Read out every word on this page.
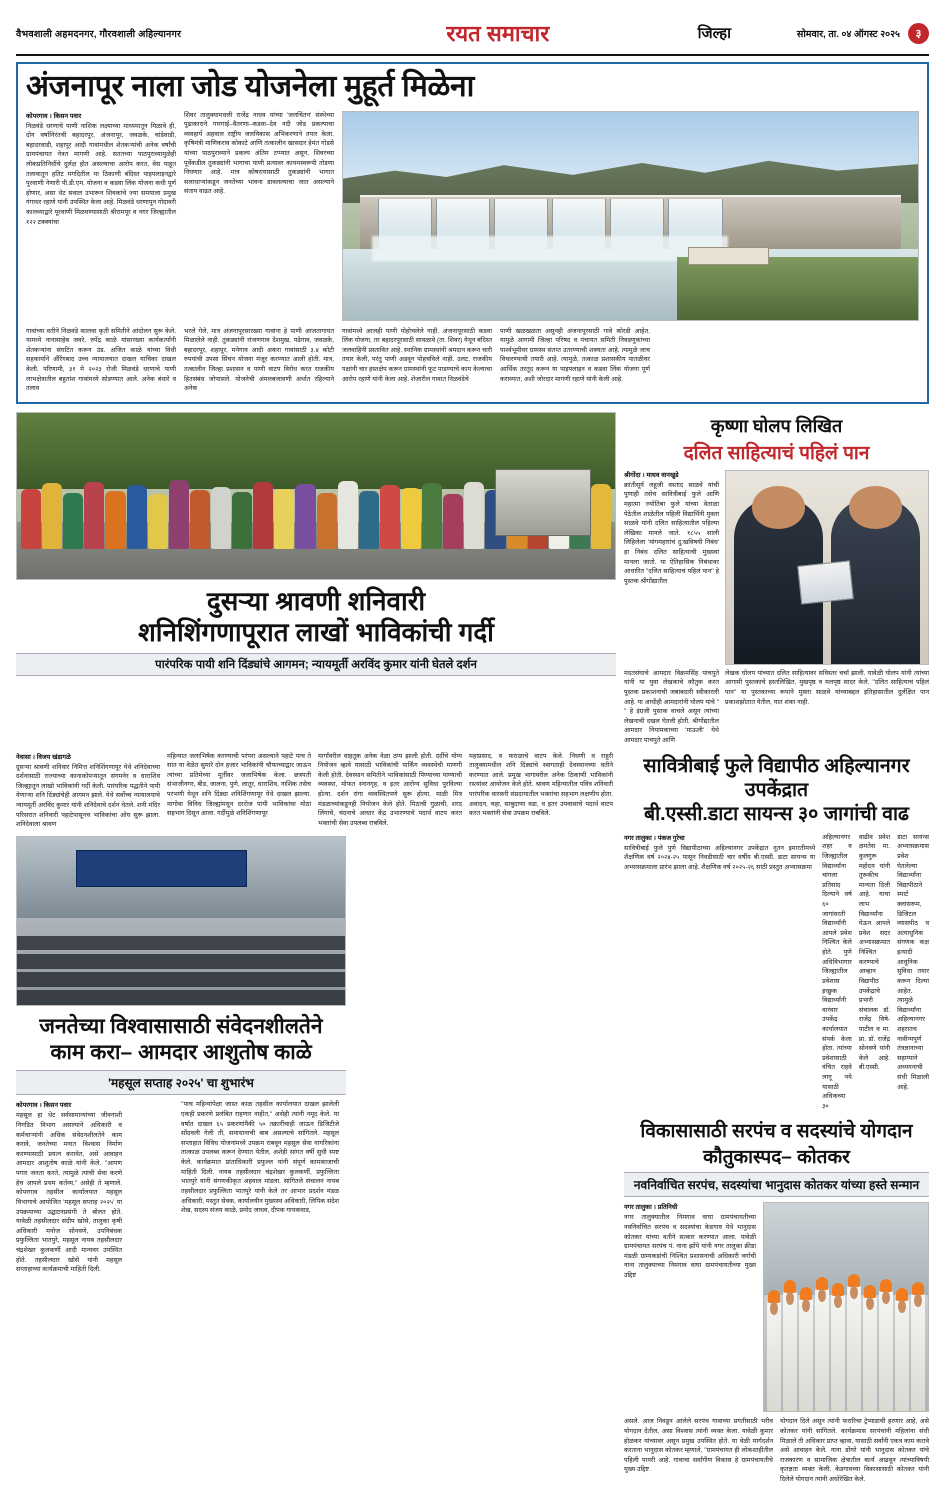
वैभवशाली अहमदनगर, गौरवशाली अहिल्यानगर	रयत समाचार	जिल्हा	सोमवार, ता. ०४ ऑगस्ट २०२५	३
अंजनापूर नाला जोड योजनेला मुहूर्त मिळेना
कोपरगाव । किसन पवार
निळवंडे धरणाचे पाणी नाशिक लक्ष्याच्या माध्यमातून मिळावे ही, दोन वर्षानिरंतची बहादरपूर, अंजनापूर, जवळके, चांडेवाडी, बहादरवाडी, शहापूर आदी गावांमधील शेतकऱ्यांची अनेक वर्षांची ग्रामपंचायत नेत्रत मागणी आहे. सततच्या पाठपुराव्यामुळेही लोकप्रतिनिधींचे दुर्लक्ष होत असल्याचा आरोप करत, वेस पाहूत तलावातून हतिट मगदितील या ठिकाणी बंदिस्त पाइपलाइनद्वारे पुरवाणी नेणारी पी.डी.एम. योजना व कडवा लिंक योजना कधी पूर्ण होणार, असा थेट सवाल उभारून शिवकांचे ज्या समयाला प्रमुख गंगाधर रहाणे यांनी उपस्थित केला आहे. मिळवंडे धरणापून गोदावरी कालव्याद्वारे पूरवाणी मिळवण्यासाठी श्रीरामपूर व नगर जिल्ह्यातील १२२ टक्क्यांचा
शिवर तालुक्यामधली राजेंद्र नाधव यांच्या 'जलचिंतन' संस्थेच्या पुढाकाराने गारगाई–वैतरणा–कडवा–देव नदी जोड प्रकल्पाचा व्यवहार्य अहवाल राष्ट्रीय जलविकास अभिकरणाने तयार केला. कृषिमंत्री माणिकराव कोकाटे आणि तत्कालीन खासदार हेमंत गोडसे यांच्या पाठपुराव्याने प्रकल्प अंतिम टप्प्यात असून, शिवरच्या पूर्वेकडील तुकड्यांनी भागाचा पाणी प्रत्यावर कायमस्वरूपी तोडणा निघणार आहे. मात्र कोषरायासाठी तुकड्यांनी भागात सलाधाऱ्यांकडून जनतेच्या भावना डावलल्याचा जात असल्याने संताप वाढत आहे.
गावांच्या वतीने निळवंडे कालवा कृती समितीने आंदोलन सुरू केले. यामध्ये नानासाहेब जवरे, रुपेंद्र काळे यांसारख्या कार्यकर्त्यांनी शेतकऱ्यांना संघटित करून उंड. अजित काळे यांच्या विधी सहकार्याने अँरिंगबाद उच्च न्यायालयात दाखल याचिका दाखल केली. परिणामी, ३१ मे २०२३ रोजी मिळवंडे धरणाचे पाणी लाभक्षेत्रातील बहुतांश गावांमध्ये सोडण्यात आले. अनेक बंधारे व तलाव
भरले गेले, मात्र अंजनापूरसारख्या गावांना हे पाणी आजतागायत मिळालेले नाही. तुकड्यांनी रांजणगाव देशमुख, पढेगाव, जवळके, बहादरपूर, शहापूर, मनेगाव आदी अकरा गावांसाठी ३.४ कोटी रुपयांची उपसा सिंचन योजना मंजूर करण्यात आली होती. मात्र, तत्कालीन जिल्हा प्रशासन व पाणी वाटप विरोध करत राजकीय हितसंबंध जोपासले. योजनेची अंमलबजावणी अर्थात रहिल्याने अनेक
गावांमध्ये आजही पाणी पोहोचलेले नाही. अंजनापूरसाठी कडवा लिंक योजना, तर बहादरपूरसाठी सावळावे (ता. शिवर) येथून बंदिस्त जलवाहिनी प्रस्तावित आहे. स्थानिक ग्रामस्थांनी श्रमदान करून चारी तयार केली, परंतु पाणी अडवून पोहचविले नाही. उलट, राजकीय पक्षांनी चार हस्तक्षेप करून ग्रामस्थांनी फूट पाडण्याचे काम केल्याचा आरोप रहाणे यांनी केला आहे. शेजारील गावात निळवंडेचे
पाणी खळखळता असूनही अंजनापूरसाठी गावे कोरडी आहेत. यामुळे आगामी जिल्हा परिषद व पंचायत समिती निवडणुकांच्या पार्श्वभूमीवर ग्रामस्थ संतप्त उतरण्याची शक्यता आहे. त्यामुळे जाच विचारण्याची तयारी आहे. त्यामुळे, तत्काळ प्रशासकीय पातळीवर आर्थिक तरतूद करून या पाइपलाइन व कडवा लिंक योजना पूर्ण कराव्यात, अशी जोरदार मागणी रहाणे यांनी केली आहे.
दुसऱ्या श्रावणी शनिवारी
शनिशिंगणापूरात लाखों भाविकांची गर्दी
पारंपरिक पायी शनि दिंड्यांचे आगमन; न्यायमूर्ती अरविंद कुमार यांनी घेतले दर्शन
कृष्णा घोलप लिखित
दलित साहित्याचं पहिलं पान
श्रीगोंदा । माधव वानखुडे
क्रांतीसूर्य लहूजी वस्ताद साळवे यांची पुणाही तसेच सावित्रीबाई फुले आणि महात्मा ज्योतिबा फुले यांच्या वेताळा पेठेतील शाळेतील पहिली विद्यार्थिनी मुक्ता साळवे यांनी दलित साहित्यातील पहिल्या लेखिका मानले जाते. १८५५ साली लिहिलेला 'मांगमहारांचं दु:खविषयी निबंध' हा निबंध दलित साहित्याची मुख्यवा मानला जातो. या ऐतिहासिक निबंधावर आधारित ''दलित साहित्याचं पहिलं पान'' हे पुस्तक श्रीगोंद्यातील
मदतसंघाचे आमदार विक्रमसिंह पाचपुते यांनी या युवा लेखकाचे कौतुक करत पुस्तक प्रकाशनाची जबाबदारी स्वीकारली आहे. या आधीही आमदारांनी घोलप यांचे '' '' हे इंग्रजी पुस्तक वाचले असून त्यांच्या लेखनाची दखल घेतली होती. श्रीगोंद्यातील आमदार नियामकाच्या 'माऊली' येथे आमदार पाचपुते आणि
लेखक घोलप यांच्यात दलित साहित्यावर सविस्तर चर्चा झाली. यावेळी घोलप यांनी त्यांच्या आगामी पुस्तकाचे हस्तलिखित, मुखपृष्ठ व मलपृष्ठ सादर केले. ''दलित साहित्याचं पहिलं पान'' या पुस्तकाच्या रूपाने मुक्ता साळवे यांच्याबद्दल इतिहासातील दुर्लक्षित पान प्रकाशझोतात येतील, यात शंका नाही.
नेवासा । विजय खंडागळे
दुसऱ्या श्रावणी शनिवार निमित्त शनिशिंगणापूर येथे शनिदेवाच्या दर्शनासाठी राज्याच्या कानाकोपऱ्यातून संगमनेर व धाराशिव जिल्ह्यातून लाखो भाविकांनी गर्दी केली. पारंपरिक पद्धतीने पायी येणाऱ्या शनि दिंड्यांचेही आगमन झाले. येथे सर्वोच्च न्यायालयाचे न्यायमूर्ती अरविंद कुमार यांनी शनिदेवाचे दर्शन घेतले. शनी मंदिर परिसरात शनिवारी पहाटेपासूनच भाविकांचा ओघ सुरू झाला. शनिदेवाला श्रावण
महिन्यात जलाभिषेक करण्याची परंपरा असल्याने पहाटे पाच ते सात या वेळेत सुमारे दोन हजार भाविकांनी चौफाच्याद्वार जाऊन त्यांच्या प्रतिमेच्या मूर्तीवर जलाभिषेक केला. छत्रपती संभाजीनगर, बीड, जालना, पुणे, लातूर, धाराशिव, नाशिक तसेच परभणी येथून शनि दिंड्या शनिशिंगणापूर येथे दाखल झाल्या. मागोवा विविध जिल्ह्यांमधून दररोज पायी भाविकांचा मोठा सहभाग दिसून आला. गर्दीमुळे शनिशिंगणापूर
मार्गांवरील वाहतूक अनेक वेळा ठप्प झाली होती. दर्दीचे योग्य नियोजन व्हावे यासाठी भाविकांची पार्किंग व्यवस्थेची माणगी केली होती. देवस्थान समितीने भाविकांसाठी पिण्याच्या पाण्याची व्यवस्था, मोफत स्नानगृह, व इतर आरोग्य सुविधा पुरविल्या होत्या. दर्शन रांगा व्यवस्थितपणे सुरू होत्या. माळी मित्र मंडळाच्यांकडूनही नियोजन केले होते. मिठाची गुळाची, शरद लिंगाचे, चंदनाचे आधार केंद्र उभारण्याचे पदार्थ वाटप करत भक्तांची सेवा उपलब्ध राबविले.
महाप्रसाद, व फराळाचे वाटप केले. निधणी व राहुरी तालुक्यामधील शनि दिंड्यांचे स्वागताही देवस्थानच्या वतीने करण्यात आले. प्रमुख भागावरील अनेक ठिकाणी भाविकांनी रस्त्यांवर आयोजन केले होते. श्रावण महिन्यातील पवित्र शनिवारी पारंपरिक वारकरी संप्रदायातील भक्तांचा सहभाग लक्षणीय होता. अवादन, चहा, साबुदाणा वडा, व इतर उपवासाचे पदार्थ वाटप करत भक्तांनी सेवा उपक्रम राबविले.
जनतेच्या विश्वासासाठी संवेदनशीलतेने
काम करा– आमदार आशुतोष काळे
'महसूल सप्ताह २०२५' चा शुभारंभ
कोपरगाव । किसन पवार
महसूल हा थेट सर्वसामान्यांच्या जीवनाशी निगडित विभाग असल्याने अधिकारी व कर्मचाऱ्यांनी अधिक संवेदनशीलतेने काम करावे, जनतेच्या मनात विश्वास निर्माण करण्यासाठी प्रयत्न करावेत, असे आवाहन आमदार आशुतोष काळे यांनी केले. ''आपण पगार जनता करते, त्यामुळे त्यांची सेवा करणे हेच आपले प्रथम कर्तव्य,'' असेही ते म्हणाले. कोपरगाव तहसील कार्यालयात महसूल विभागाचे आयोजित 'महसूल सप्ताह २०२५' या उपक्रमाच्या उद्घाटनप्रसंगी ते बोलत होते. यावेळी तहसीलदार संदीप खोसे, तालुका कृषी अधिकारी मनोज सोनवणे, उपनिबंधक प्रफुल्लिता भातपुरे, महसूल नायब तहसीलदार चंद्रशेखर कुलकर्णी आदी मान्यवर उपस्थित होते. तहसीलदार खोसे यांनी महसूल सप्ताहाच्या कार्यक्रमाची माहिती दिली.
''पाच महिन्यांपेक्षा जास्त काळ तहसील कार्यालयात दाखल झालेली एकही प्रकरणे प्रलंबित राहणार नाहीत,'' असेही त्यांनी नमूद केले. या वर्षात दाखल ६५ प्रकरणांपैकी ५० तक्रारींचाही जाऊन डिजिटीजे सोंदवली गेली ती, समाधानाची बाब असल्याचे सांगितले. महसूल सप्ताहात विविध योजनांमध्ये उपक्रम राबवून महसूल सेवा नागरिकांना तात्काळ उपलब्ध करून देण्यात येतील, अशेही सांगत वर्षी सुधी स्पष्ट केले. कार्यक्रमात प्रांताधिकारी प्रफुल्ल यांनी संपूर्ण कामकाजाची माहिती दिली. नायब तहसीलदार चंद्रशेखर कुलकर्णी, प्रफुल्लिता भातपुरे यांनी संगणकीकृत अहवाल मांडला. सांगितले संचालन नायब तहसीलदार प्रफुल्लिता भातपुरे यांनी केले तर आभार प्रदर्शन मंडळ अधिकारी, मस्तुत सेवक, कार्यालयीन मुख्यस्थ अधिकारी, लिपिक संदेश शेख, सदस्य संजय काळे, प्रमोद जाधव, दीपक गायकवाड,
सावित्रीबाई फुले विद्यापीठ अहिल्यानगर उपकेंद्रात
बी.एस्सी.डाटा सायन्स ३० जागांची वाढ
नगर तालुका । पंकज गुरेचा
सावित्रीबाई फुले पुणे विद्यापीठाच्या अहिल्यानगर उपकेंद्रात नूतन इमारतीमध्ये शैक्षणिक वर्ष २०२४-२५ पासून निवडीसाठी चार वर्षीय बी.एस्सी. डाटा सायन्स या अभ्यासक्रमाला प्रारंभ झाला आहे. शैक्षणिक वर्ष २०२५-२६ साठी प्रस्तुत अभ्यासक्रमा
अहिल्यानगर शहर व जिल्ह्यातील विद्यार्थ्यांना चांगला प्रतिसाद दिल्याने वर्ष ६० जागांवरती विद्यार्थ्यांनी आपले प्रवेश निश्चित केले होते. पुणे अधिविभागार जिल्ह्यातील प्रवेशास इच्छुक विद्यार्थ्यांनी वारंवार उपकेंद्र कार्यालयात संपर्क केला होता. त्यांच्या प्रवेशासाठी वंचित राहवे लागू नये यासाठी अधिकच्या ३०
वाढीव प्रवेश क्षमतेस मा. कुलगुरू महोदय यांनी तुरूकीच मान्यता दिली आहे. याचा लाभ विद्यार्थ्यांना घेऊन आपले प्रवेश सदर अभ्यासक्रमात निश्चित करण्याचे आव्हान विद्यापीठ उपकेंद्राचे प्रभारी संचालक डॉ. राजेंद्र विषे- पाटील व मा. प्रा. डॉ. राजेंद्र सोनवणे यांनी केले आहे. बी.एस्सी.
डाटा सायन्स अभ्यासक्रमास प्रवेश घेतलेल्या विद्यार्थ्यांना विद्यापीठाने स्मार्ट क्लासरूम, डिजिटल व्यासपीठ व अत्याधुनिक संगणक कक्ष इत्यादी आधुनिक सुविधा तयार करून दिल्या आहेत. त्यामुळे विद्यार्थ्यांना अहिल्यानगर शहरातच नावीन्यपूर्ण तंत्रज्ञानाच्या सहाय्याने अध्ययनाची संधी मिळाली आहे.
विकासासाठी सरपंच व सदस्यांचे योगदान कौतुकास्पद– कोतकर
नवनिर्वाचित सरपंच, सदस्यांचा भानुदास कोतकर यांच्या हस्ते सन्मान
नगर तालुका । प्रतिनिधी
नगर तालुक्यातील निमगाव वाघा ग्रामपंचायतीच्या नवनिर्वाचित सरपंच व सदस्यांचा केडगाव येथे भानुदास कोतकर यांच्या वतीने सत्कार करण्यात आला. यावेळी ग्रामपंचायत सरपंच पं. नाना झोंपे यांनी नगर तालुका क्रीडा मंडळी ग्राम्यकडांची निश्चित प्रशासनाची अधिकारी वर्गाची नाना तालुक्याच्या निमगाव वाघा ग्रामपंचायतीच्या मुख्य उद्दिष्ट
असले. आज निवडून आलेले सरपंच गावाच्या प्रगतीसाठी भरीव योगदान देतील, असा विश्वास त्यांनी व्यक्त केला. यावेळी कुमार होळकर यांच्यावर असून प्रमुख उपस्थित होते. या वेळी मार्गदर्शन करताना भानुदास कोतकर म्हणाले, ''ग्रामपंचायत ही लोकशाहीतील पहिली पायरी आहे. गावाचा सर्वांगीण विकास हे ग्रामपंचायतीचे मुख्य उद्दिष्ट
योगदान दिले असून त्यांनी फरारिचा ट्रेप्याडाची हरणार आहे, असे कोतकर यांनी सांगितले. कार्यक्रमास सरपंचांनी महिलांना संधी मिळाले ती अधिकार प्राप्त व्हावा, यासाठी सर्वांनी एकत्र काम करावे असे आवाहन केले. नाना डोंगरे यांनी भानुदास कोतकर यांचे राजकारण व सामाजिक क्षेत्रातील कार्य आढवून त्यांच्याविषयी कृतज्ञता व्यक्त केली. केडगावच्या विकासासाठी कोतकर यांनी दिलेले योगदान त्यांनी अधोरेखित केले.
